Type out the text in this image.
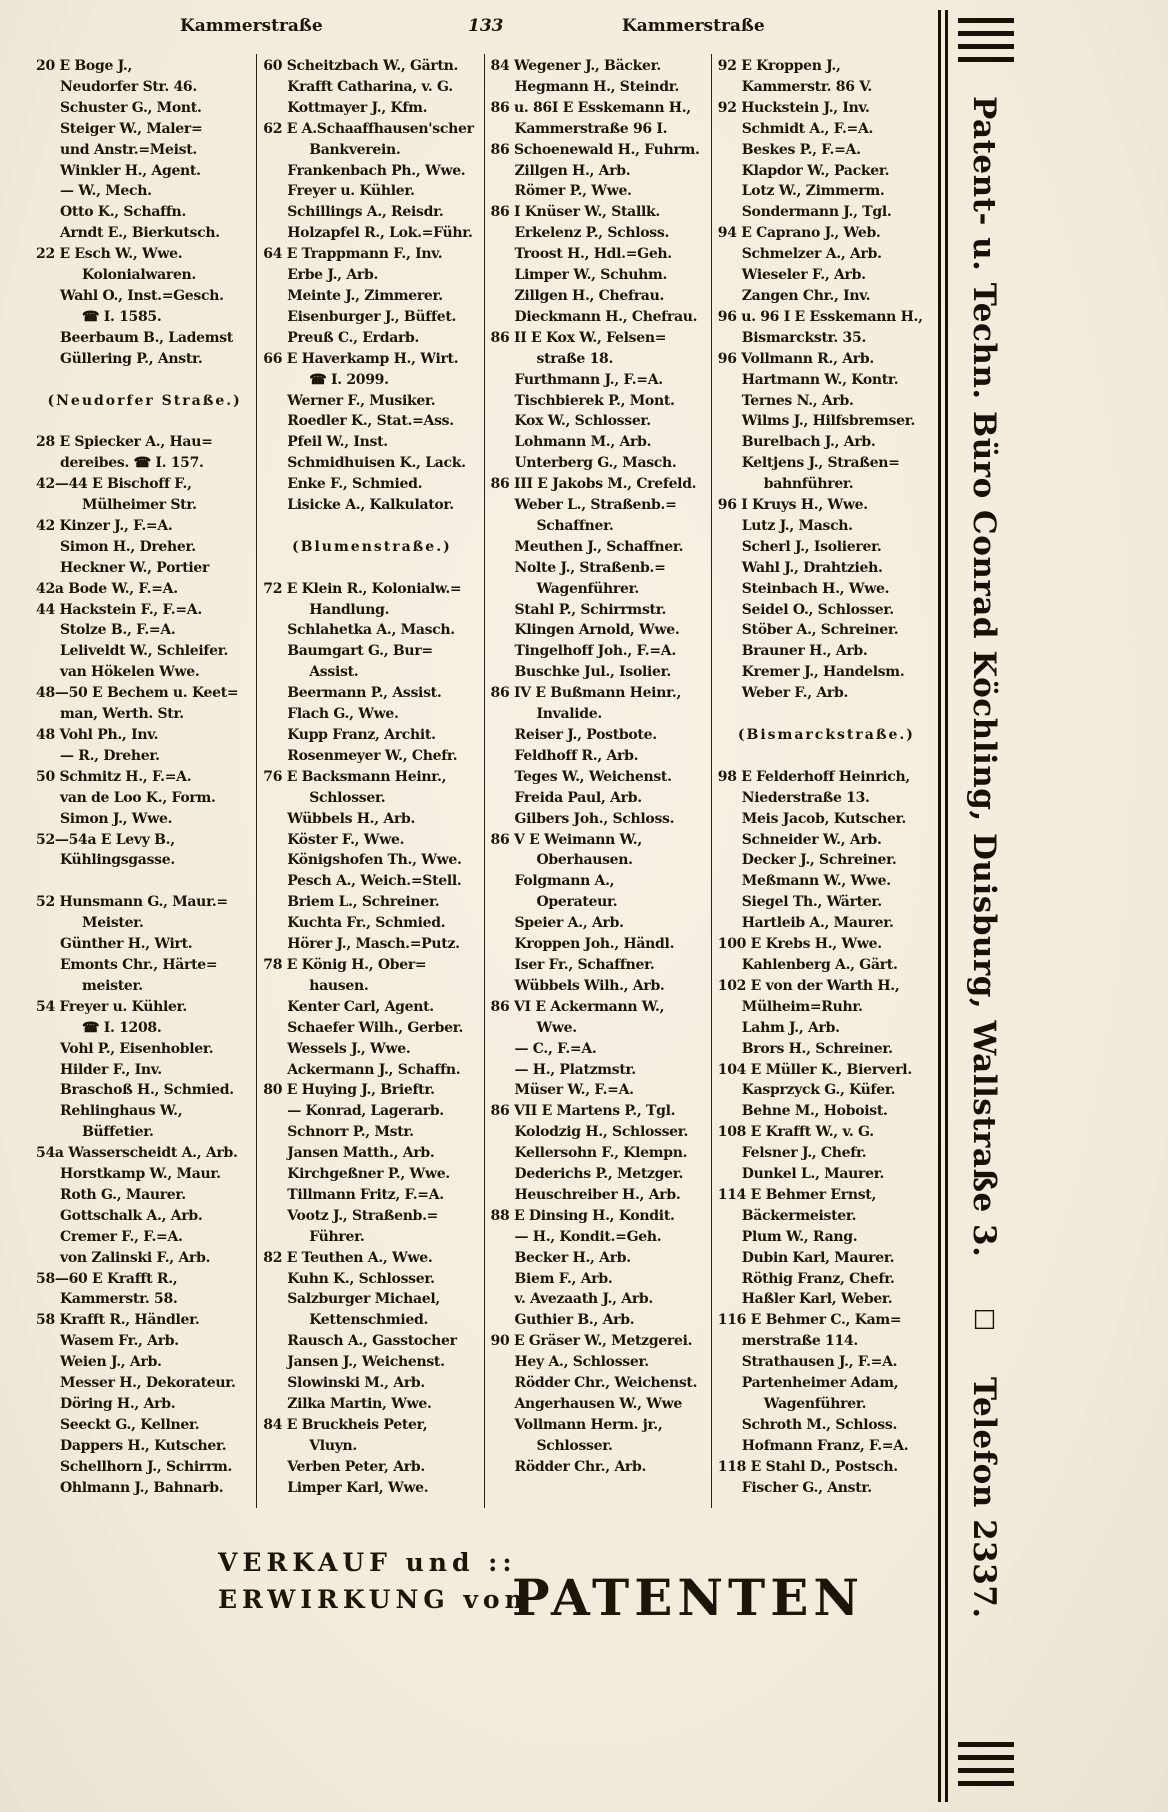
Kammerstraße	133	Kammerstraße
20 E Boge J.,
Neudorfer Str. 46.
Schuster G., Mont.
Steiger W., Maler=
und Anstr.=Meist.
Winkler H., Agent.
— W., Mech.
Otto K., Schaffn.
Arndt E., Bierkutsch.
22 E Esch W., Wwe.
Kolonialwaren.
Wahl O., Inst.=Gesch.
☎ I. 1585.
Beerbaum B., Lademst
Güllering P., Anstr.

(Neudorfer Straße.)

28 E Spiecker A., Hau=
dereibes. ☎ I. 157.
42—44 E Bischoff F.,
Mülheimer Str.
42 Kinzer J., F.=A.
Simon H., Dreher.
Heckner W., Portier
42a Bode W., F.=A.
44 Hackstein F., F.=A.
Stolze B., F.=A.
Leliveldt W., Schleifer.
van Hökelen Wwe.
48—50 E Bechem u. Keet=
man, Werth. Str.
48 Vohl Ph., Inv.
— R., Dreher.
50 Schmitz H., F.=A.
van de Loo K., Form.
Simon J., Wwe.
52—54a E Levy B.,
Kühlingsgasse.

52 Hunsmann G., Maur.=
Meister.
Günther H., Wirt.
Emonts Chr., Härte=
meister.
54 Freyer u. Kühler.
☎ I. 1208.
Vohl P., Eisenhobler.
Hilder F., Inv.
Braschoß H., Schmied.
Rehlinghaus W.,
Büffetier.
54a Wasserscheidt A., Arb.
Horstkamp W., Maur.
Roth G., Maurer.
Gottschalk A., Arb.
Cremer F., F.=A.
von Zalinski F., Arb.
58—60 E Krafft R.,
Kammerstr. 58.
58 Krafft R., Händler.
Wasem Fr., Arb.
Weien J., Arb.
Messer H., Dekorateur.
Döring H., Arb.
Seeckt G., Kellner.
Dappers H., Kutscher.
Schellhorn J., Schirrm.
Ohlmann J., Bahnarb.
60 Scheitzbach W., Gärtn.
Krafft Catharina, v. G.
Kottmayer J., Kfm.
62 E A.Schaaffhausen'scher
Bankverein.
Frankenbach Ph., Wwe.
Freyer u. Kühler.
Schillings A., Reisdr.
Holzapfel R., Lok.=Führ.
64 E Trappmann F., Inv.
Erbe J., Arb.
Meinte J., Zimmerer.
Eisenburger J., Büffet.
Preuß C., Erdarb.
66 E Haverkamp H., Wirt.
☎ I. 2099.
Werner F., Musiker.
Roedler K., Stat.=Ass.
Pfeil W., Inst.
Schmidhuisen K., Lack.
Enke F., Schmied.
Lisicke A., Kalkulator.

(Blumenstraße.)

72 E Klein R., Kolonialw.=
Handlung.
Schlahetka A., Masch.
Baumgart G., Bur=
Assist.
Beermann P., Assist.
Flach G., Wwe.
Kupp Franz, Archit.
Rosenmeyer W., Chefr.
76 E Backsmann Heinr.,
Schlosser.
Wübbels H., Arb.
Köster F., Wwe.
Königshofen Th., Wwe.
Pesch A., Weich.=Stell.
Briem L., Schreiner.
Kuchta Fr., Schmied.
Hörer J., Masch.=Putz.
78 E König H., Ober=
hausen.
Kenter Carl, Agent.
Schaefer Wilh., Gerber.
Wessels J., Wwe.
Ackermann J., Schaffn.
80 E Huying J., Brieftr.
— Konrad, Lagerarb.
Schnorr P., Mstr.
Jansen Matth., Arb.
Kirchgeßner P., Wwe.
Tillmann Fritz, F.=A.
Vootz J., Straßenb.=
Führer.
82 E Teuthen A., Wwe.
Kuhn K., Schlosser.
Salzburger Michael,
Kettenschmied.
Rausch A., Gasstocher
Jansen J., Weichenst.
Slowinski M., Arb.
Zilka Martin, Wwe.
84 E Bruckheis Peter,
Vluyn.
Verben Peter, Arb.
Limper Karl, Wwe.
84 Wegener J., Bäcker.
Hegmann H., Steindr.
86 u. 86I E Esskemann H.,
Kammerstraße 96 I.
86 Schoenewald H., Fuhrm.
Zillgen H., Arb.
Römer P., Wwe.
86 I Knüser W., Stallk.
Erkelenz P., Schloss.
Troost H., Hdl.=Geh.
Limper W., Schuhm.
Zillgen H., Chefrau.
Dieckmann H., Chefrau.
86 II E Kox W., Felsen=
straße 18.
Furthmann J., F.=A.
Tischbierek P., Mont.
Kox W., Schlosser.
Lohmann M., Arb.
Unterberg G., Masch.
86 III E Jakobs M., Crefeld.
Weber L., Straßenb.=
Schaffner.
Meuthen J., Schaffner.
Nolte J., Straßenb.=
Wagenführer.
Stahl P., Schirrmstr.
Klingen Arnold, Wwe.
Tingelhoff Joh., F.=A.
Buschke Jul., Isolier.
86 IV E Bußmann Heinr.,
Invalide.
Reiser J., Postbote.
Feldhoff R., Arb.
Teges W., Weichenst.
Freida Paul, Arb.
Gilbers Joh., Schloss.
86 V E Weimann W.,
Oberhausen.
Folgmann A.,
Operateur.
Speier A., Arb.
Kroppen Joh., Händl.
Iser Fr., Schaffner.
Wübbels Wilh., Arb.
86 VI E Ackermann W.,
Wwe.
— C., F.=A.
— H., Platzmstr.
Müser W., F.=A.
86 VII E Martens P., Tgl.
Kolodzig H., Schlosser.
Kellersohn F., Klempn.
Dederichs P., Metzger.
Heuschreiber H., Arb.
88 E Dinsing H., Kondit.
— H., Kondit.=Geh.
Becker H., Arb.
Biem F., Arb.
v. Avezaath J., Arb.
Guthier B., Arb.
90 E Gräser W., Metzgerei.
Hey A., Schlosser.
Rödder Chr., Weichenst.
Angerhausen W., Wwe
Vollmann Herm. jr.,
Schlosser.
Rödder Chr., Arb.
92 E Kroppen J.,
Kammerstr. 86 V.
92 Huckstein J., Inv.
Schmidt A., F.=A.
Beskes P., F.=A.
Klapdor W., Packer.
Lotz W., Zimmerm.
Sondermann J., Tgl.
94 E Caprano J., Web.
Schmelzer A., Arb.
Wieseler F., Arb.
Zangen Chr., Inv.
96 u. 96 I E Esskemann H.,
Bismarckstr. 35.
96 Vollmann R., Arb.
Hartmann W., Kontr.
Ternes N., Arb.
Wilms J., Hilfsbremser.
Burelbach J., Arb.
Keltjens J., Straßen=
bahnführer.
96 I Kruys H., Wwe.
Lutz J., Masch.
Scherl J., Isolierer.
Wahl J., Drahtzieh.
Steinbach H., Wwe.
Seidel O., Schlosser.
Stöber A., Schreiner.
Brauner H., Arb.
Kremer J., Handelsm.
Weber F., Arb.

(Bismarckstraße.)

98 E Felderhoff Heinrich,
Niederstraße 13.
Meis Jacob, Kutscher.
Schneider W., Arb.
Decker J., Schreiner.
Meßmann W., Wwe.
Siegel Th., Wärter.
Hartleib A., Maurer.
100 E Krebs H., Wwe.
Kahlenberg A., Gärt.
102 E von der Warth H.,
Mülheim=Ruhr.
Lahm J., Arb.
Brors H., Schreiner.
104 E Müller K., Bierverl.
Kasprzyck G., Küfer.
Behne M., Hoboist.
108 E Krafft W., v. G.
Felsner J., Chefr.
Dunkel L., Maurer.
114 E Behmer Ernst,
Bäckermeister.
Plum W., Rang.
Dubin Karl, Maurer.
Röthig Franz, Chefr.
Haßler Karl, Weber.
116 E Behmer C., Kam=
merstraße 114.
Strathausen J., F.=A.
Partenheimer Adam,
Wagenführer.
Schroth M., Schloss.
Hofmann Franz, F.=A.
118 E Stahl D., Postsch.
Fischer G., Anstr.
VERKAUF und ::
ERWIRKUNG von
PATENTEN
Patent- u. Techn. Büro Conrad Köchling, Duisburg, Wallstraße 3. □ Telefon 2337.
